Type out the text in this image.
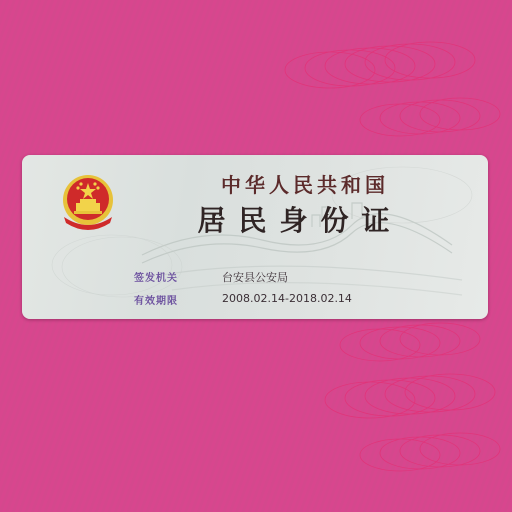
中华人民共和国
居民身份证
签发机关	台安县公安局
有效期限	2008.02.14-2018.02.14
